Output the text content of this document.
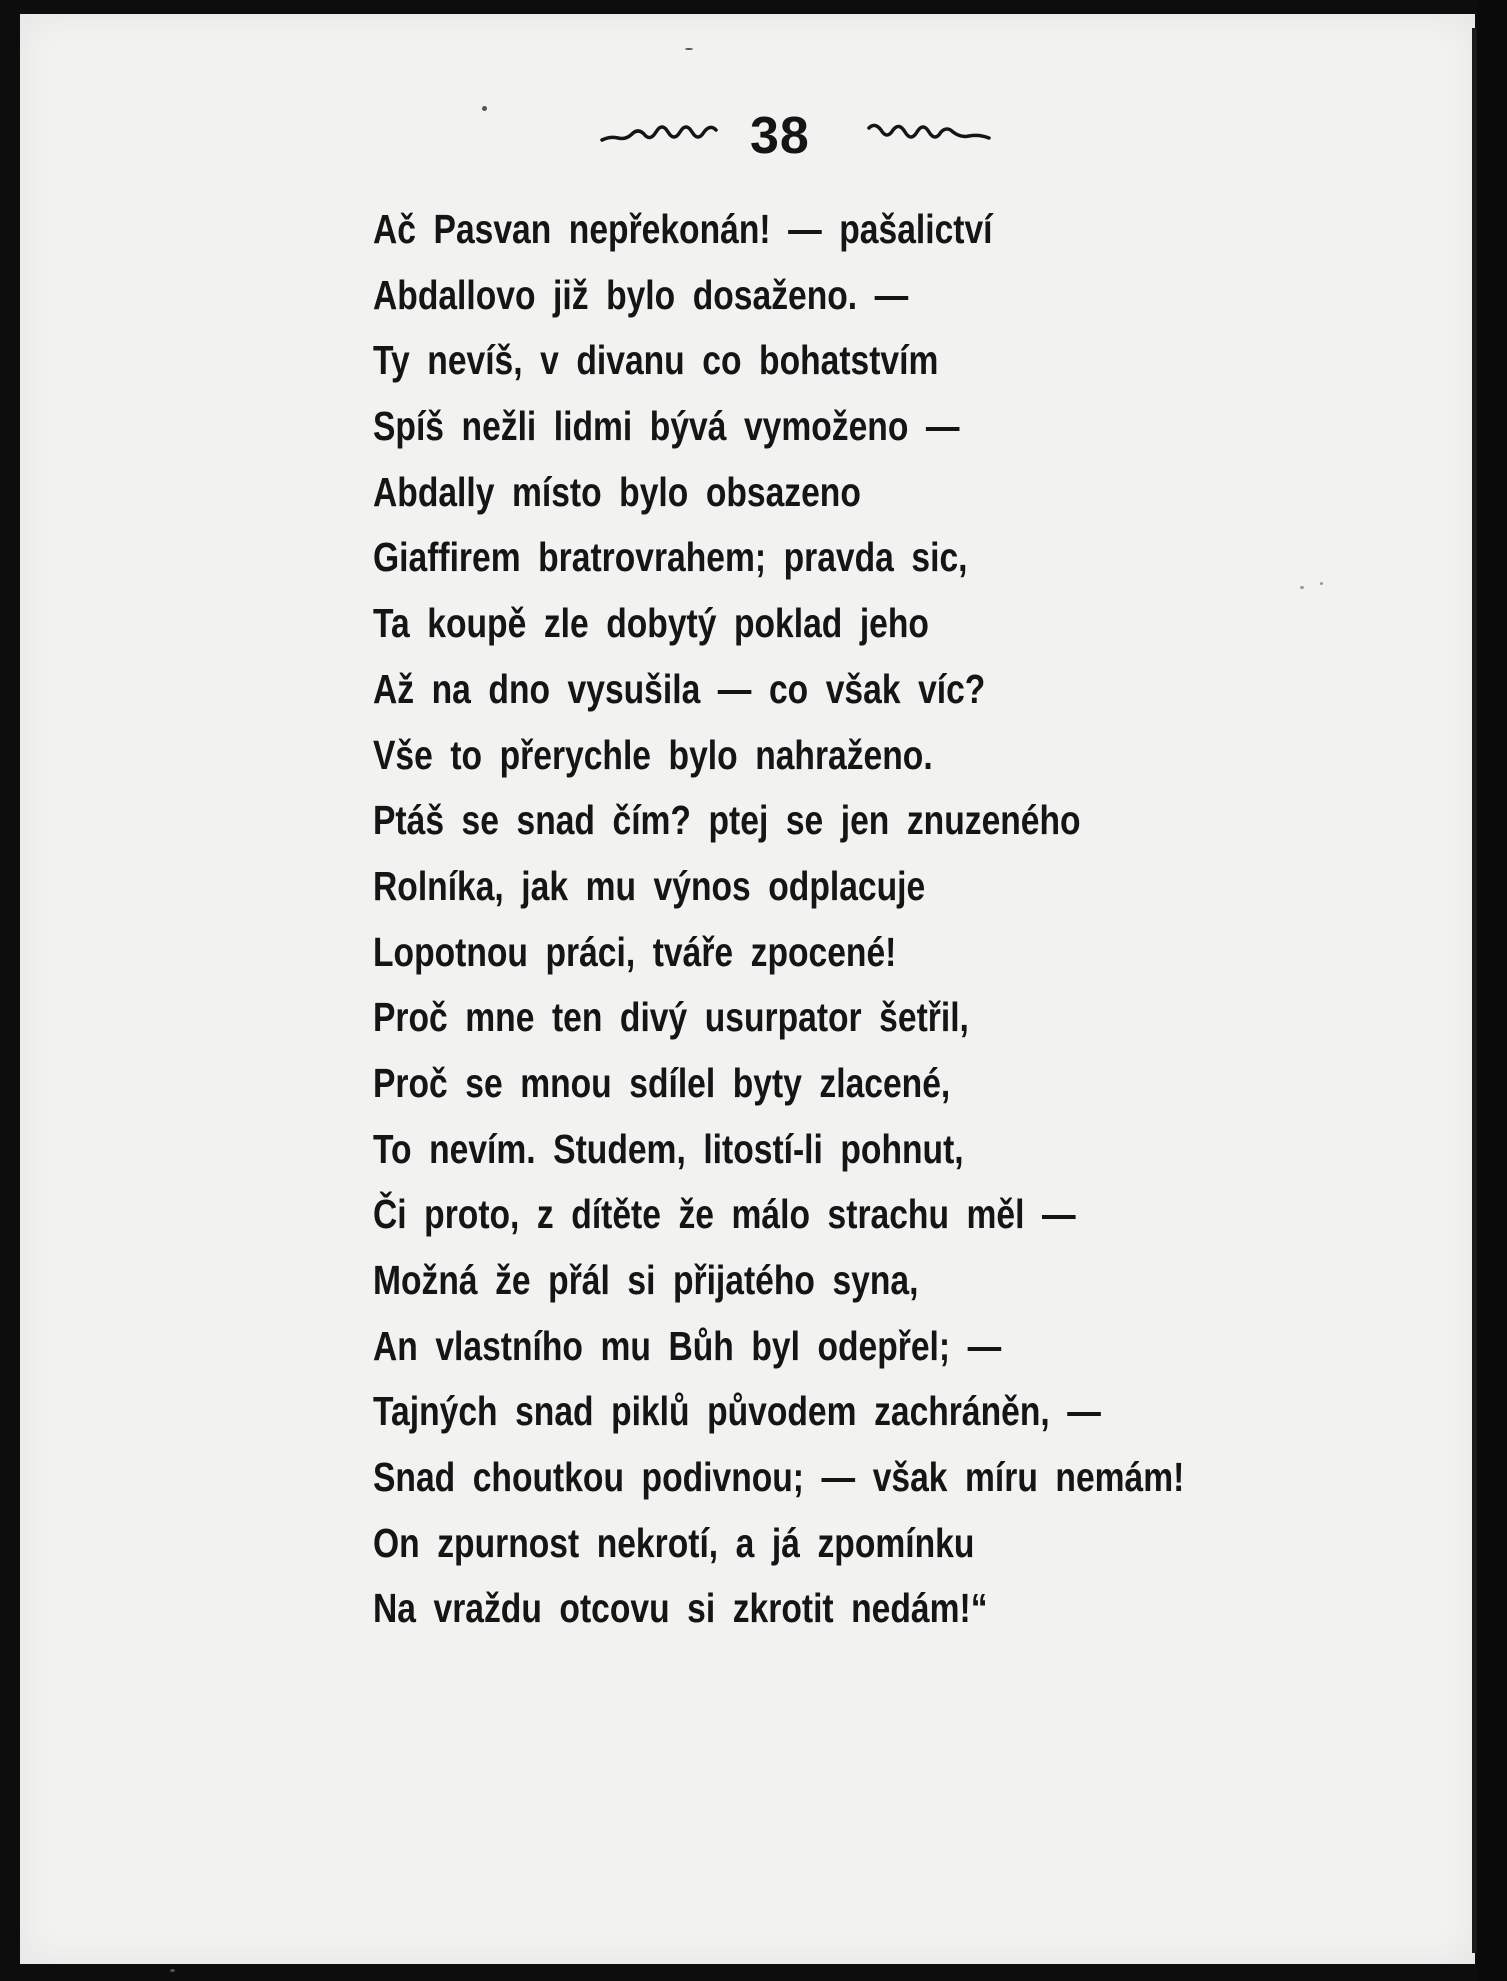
38
Ač Pasvan nepřekonán! — pašalictví
Abdallovo již bylo dosaženo. —
Ty nevíš, v divanu co bohatstvím
Spíš nežli lidmi bývá vymoženo —
Abdally místo bylo obsazeno
Giaffirem bratrovrahem; pravda sic,
Ta koupě zle dobytý poklad jeho
Až na dno vysušila — co však víc?
Vše to přerychle bylo nahraženo.
Ptáš se snad čím? ptej se jen znuzeného
Rolníka, jak mu výnos odplacuje
Lopotnou práci, tváře zpocené!
Proč mne ten divý usurpator šetřil,
Proč se mnou sdílel byty zlacené,
To nevím. Studem, litostí-li pohnut,
Či proto, z dítěte že málo strachu měl —
Možná že přál si přijatého syna,
An vlastního mu Bůh byl odepřel; —
Tajných snad piklů původem zachráněn, —
Snad choutkou podivnou; — však míru nemám!
On zpurnost nekrotí, a já zpomínku
Na vraždu otcovu si zkrotit nedám!“
